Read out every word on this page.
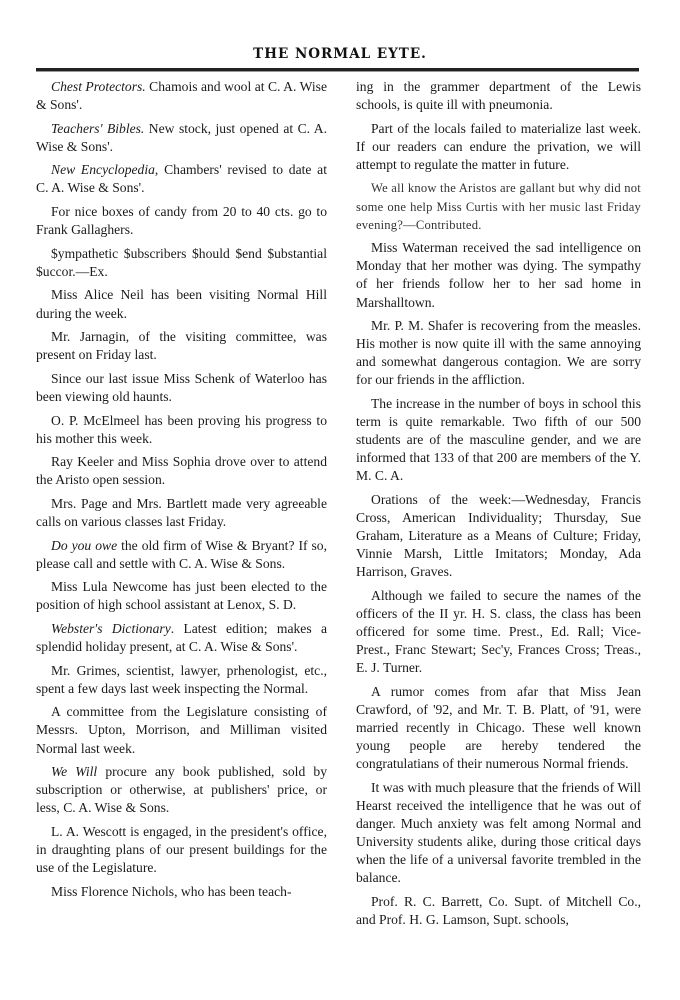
THE NORMAL EYTE.

Chest Protectors. Chamois and wool at C. A. Wise & Sons'.

Teachers' Bibles. New stock, just opened at C. A. Wise & Sons'.

New Encyclopedia, Chambers' revised to date at C. A. Wise & Sons'.

For nice boxes of candy from 20 to 40 cts. go to Frank Gallaghers.

$ympathetic $ubscribers $hould $end $ubstantial $uccor.—Ex.

Miss Alice Neil has been visiting Normal Hill during the week.

Mr. Jarnagin, of the visiting committee, was present on Friday last.

Since our last issue Miss Schenk of Waterloo has been viewing old haunts.

O. P. McElmeel has been proving his progress to his mother this week.

Ray Keeler and Miss Sophia drove over to attend the Aristo open session.

Mrs. Page and Mrs. Bartlett made very agreeable calls on various classes last Friday.

Do you owe the old firm of Wise & Bryant? If so, please call and settle with C. A. Wise & Sons.

Miss Lula Newcome has just been elected to the position of high school assistant at Lenox, S. D.

Webster's Dictionary. Latest edition; makes a splendid holiday present, at C. A. Wise & Sons'.

Mr. Grimes, scientist, lawyer, prhenologist, etc., spent a few days last week inspecting the Normal.

A committee from the Legislature consisting of Messrs. Upton, Morrison, and Milliman visited Normal last week.

We Will procure any book published, sold by subscription or otherwise, at publishers' price, or less, C. A. Wise & Sons.

L. A. Wescott is engaged, in the president's office, in draughting plans of our present buildings for the use of the Legislature.

Miss Florence Nichols, who has been teach-

ing in the grammer department of the Lewis schools, is quite ill with pneumonia.

Part of the locals failed to materialize last week. If our readers can endure the privation, we will attempt to regulate the matter in future.

We all know the Aristos are gallant but why did not some one help Miss Curtis with her music last Friday evening?—Contributed.

Miss Waterman received the sad intelligence on Monday that her mother was dying. The sympathy of her friends follow her to her sad home in Marshalltown.

Mr. P. M. Shafer is recovering from the measles. His mother is now quite ill with the same annoying and somewhat dangerous contagion. We are sorry for our friends in the affliction.

The increase in the number of boys in school this term is quite remarkable. Two fifth of our 500 students are of the masculine gender, and we are informed that 133 of that 200 are members of the Y. M. C. A.

Orations of the week:—Wednesday, Francis Cross, American Individuality; Thursday, Sue Graham, Literature as a Means of Culture; Friday, Vinnie Marsh, Little Imitators; Monday, Ada Harrison, Graves.

Although we failed to secure the names of the officers of the II yr. H. S. class, the class has been officered for some time. Prest., Ed. Rall; Vice-Prest., Franc Stewart; Sec'y, Frances Cross; Treas., E. J. Turner.

A rumor comes from afar that Miss Jean Crawford, of '92, and Mr. T. B. Platt, of '91, were married recently in Chicago. These well known young people are hereby tendered the congratulatians of their numerous Normal friends.

It was with much pleasure that the friends of Will Hearst received the intelligence that he was out of danger. Much anxiety was felt among Normal and University students alike, during those critical days when the life of a universal favorite trembled in the balance.

Prof. R. C. Barrett, Co. Supt. of Mitchell Co., and Prof. H. G. Lamson, Supt. schools,
